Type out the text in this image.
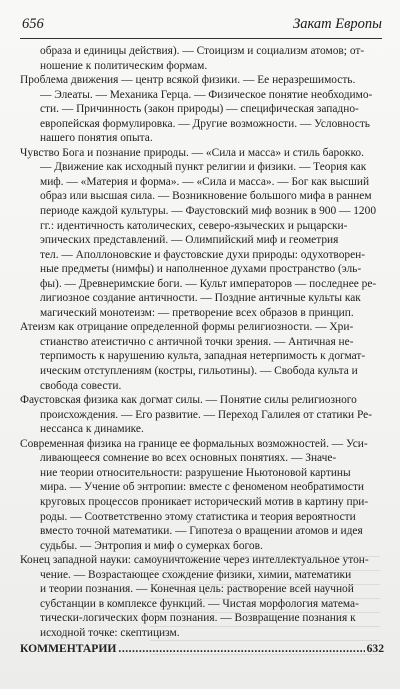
656	Закат Европы
образа и единицы действия). — Стоицизм и социализм атомов; от-
ношение к политическим формам.
Проблема движения — центр всякой физики. — Ее неразрешимость.
— Элеаты. — Механика Герца. — Физическое понятие необходимо-
сти. — Причинность (закон природы) — специфическая западно-
европейская формулировка. — Другие возможности. — Условность
нашего понятия опыта.
Чувство Бога и познание природы. — «Сила и масса» и стиль барокко.
— Движение как исходный пункт религии и физики. — Теория как
миф. — «Материя и форма». — «Сила и масса». — Бог как высший
образ или высшая сила. — Возникновение большого мифа в раннем
периоде каждой культуры. — Фаустовский миф возник в 900 — 1200
гг.: идентичность католических, северо-языческих и рыцарски-
эпических представлений. — Олимпийский миф и геометрия
тел. — Аполлоновские и фаустовские духи природы: одухотворен-
ные предметы (нимфы) и наполненное духами пространство (эль-
фы). — Древнеримские боги. — Культ императоров — последнее ре-
лигиозное создание античности. — Поздние античные культы как
магический монотеизм: — претворение всех образов в принцип.
Атеизм как отрицание определенной формы религиозности. — Хри-
стианство атеистично с античной точки зрения. — Античная не-
терпимость к нарушению культа, западная нетерпимость к догмат-
ическим отступлениям (костры, гильотины). — Свобода культа и
свобода совести.
Фаустовская физика как догмат силы. — Понятие силы религиозного
происхождения. — Его развитие. — Переход Галилея от статики Ре-
нессанса к динамике.
Современная физика на границе ее формальных возможностей. — Уси-
ливающееся сомнение во всех основных понятиях. — Значе-
ние теории относительности: разрушение Ньютоновой картины
мира. — Учение об энтропии: вместе с феноменом необратимости
круговых процессов проникает исторический мотив в картину при-
роды. — Соответственно этому статистика и теория вероятности
вместо точной математики. — Гипотеза о вращении атомов и идея
судьбы. — Энтропия и миф о сумерках богов.
Конец западной науки: самоуничтожение через интеллектуальное утон-
чение. — Возрастающее схождение физики, химии, математики
и теории познания. — Конечная цель: растворение всей научной
субстанции в комплексе функций. — Чистая морфология матема-
тически-логических форм познания. — Возвращение познания к
исходной точке: скептицизм.
КОММЕНТАРИИ
.....	632
